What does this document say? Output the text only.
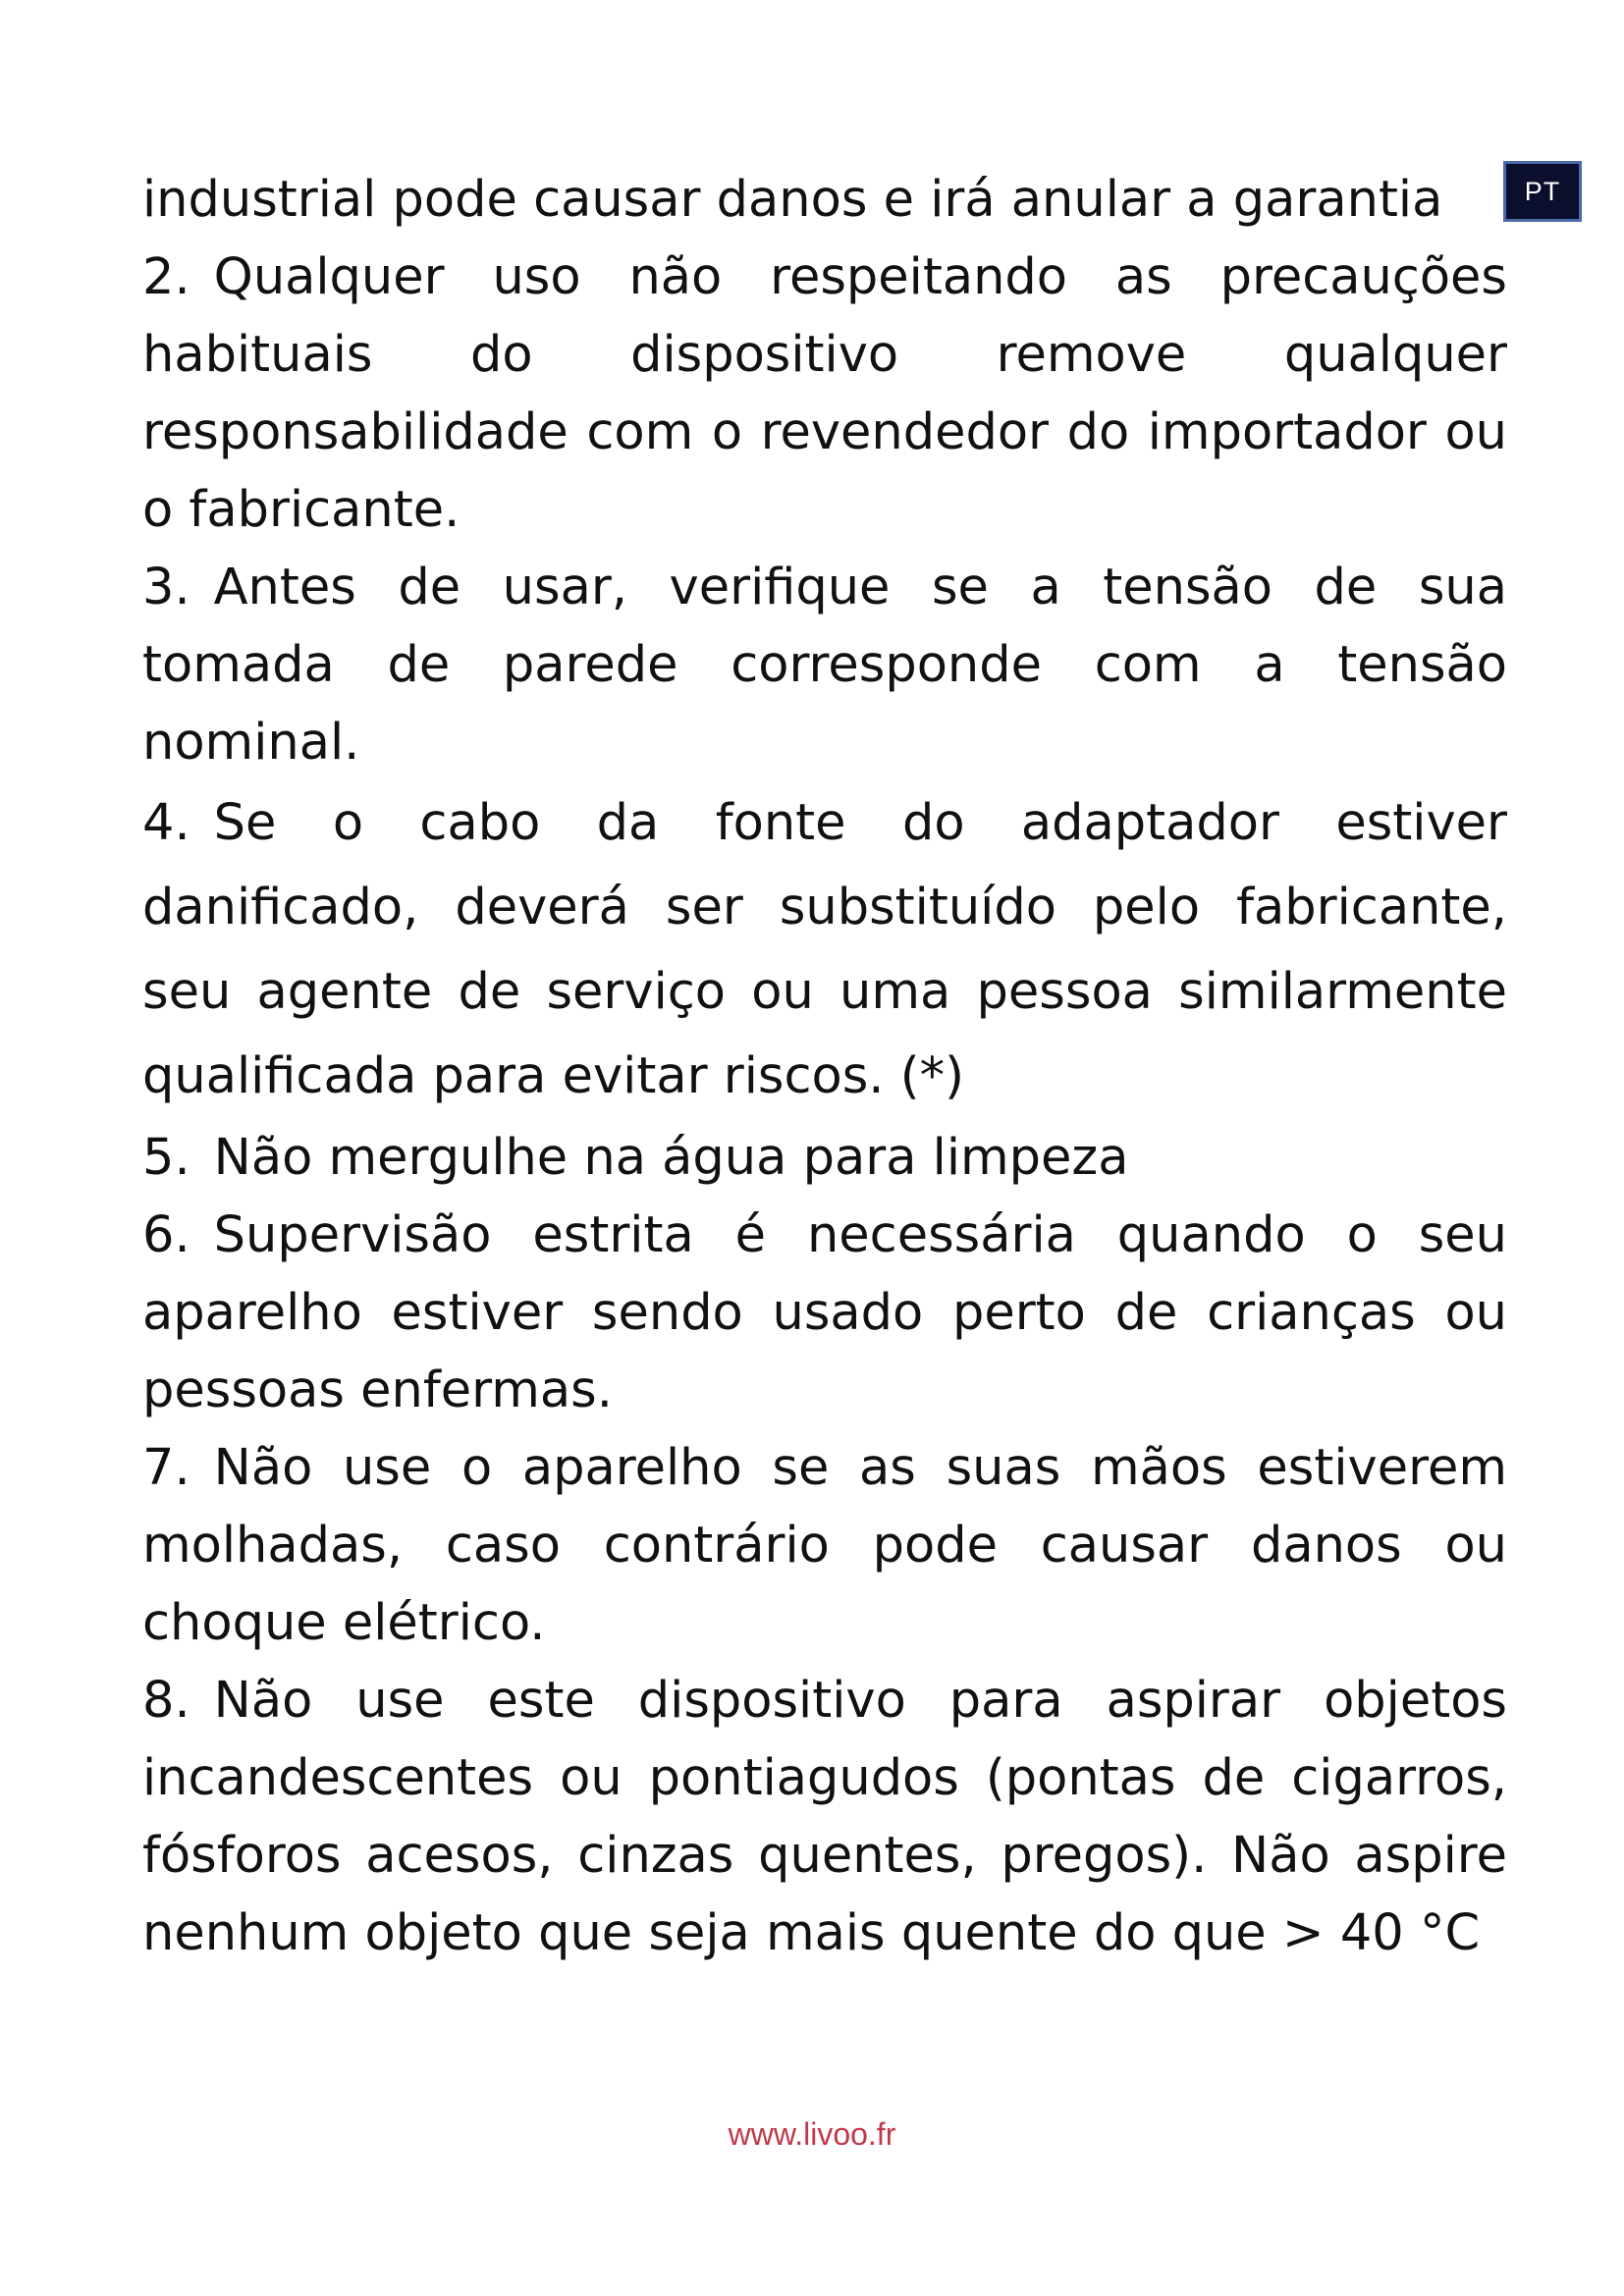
PT
industrial pode causar danos e irá anular a garantia
2. Qualquer uso não respeitando as precauções habituais do dispositivo remove qualquer responsabilidade com o revendedor do importador ou o fabricante.
3. Antes de usar, verifique se a tensão de sua tomada de parede corresponde com a tensão nominal.
4. Se o cabo da fonte do adaptador estiver danificado, deverá ser substituído pelo fabricante, seu agente de serviço ou uma pessoa similarmente qualificada para evitar riscos. (*)
5. Não mergulhe na água para limpeza
6. Supervisão estrita é necessária quando o seu aparelho estiver sendo usado perto de crianças ou pessoas enfermas.
7. Não use o aparelho se as suas mãos estiverem molhadas, caso contrário pode causar danos ou choque elétrico.
8. Não use este dispositivo para aspirar objetos incandescentes ou pontiagudos (pontas de cigarros, fósforos acesos, cinzas quentes, pregos). Não aspire nenhum objeto que seja mais quente do que > 40 °C
www.livoo.fr
